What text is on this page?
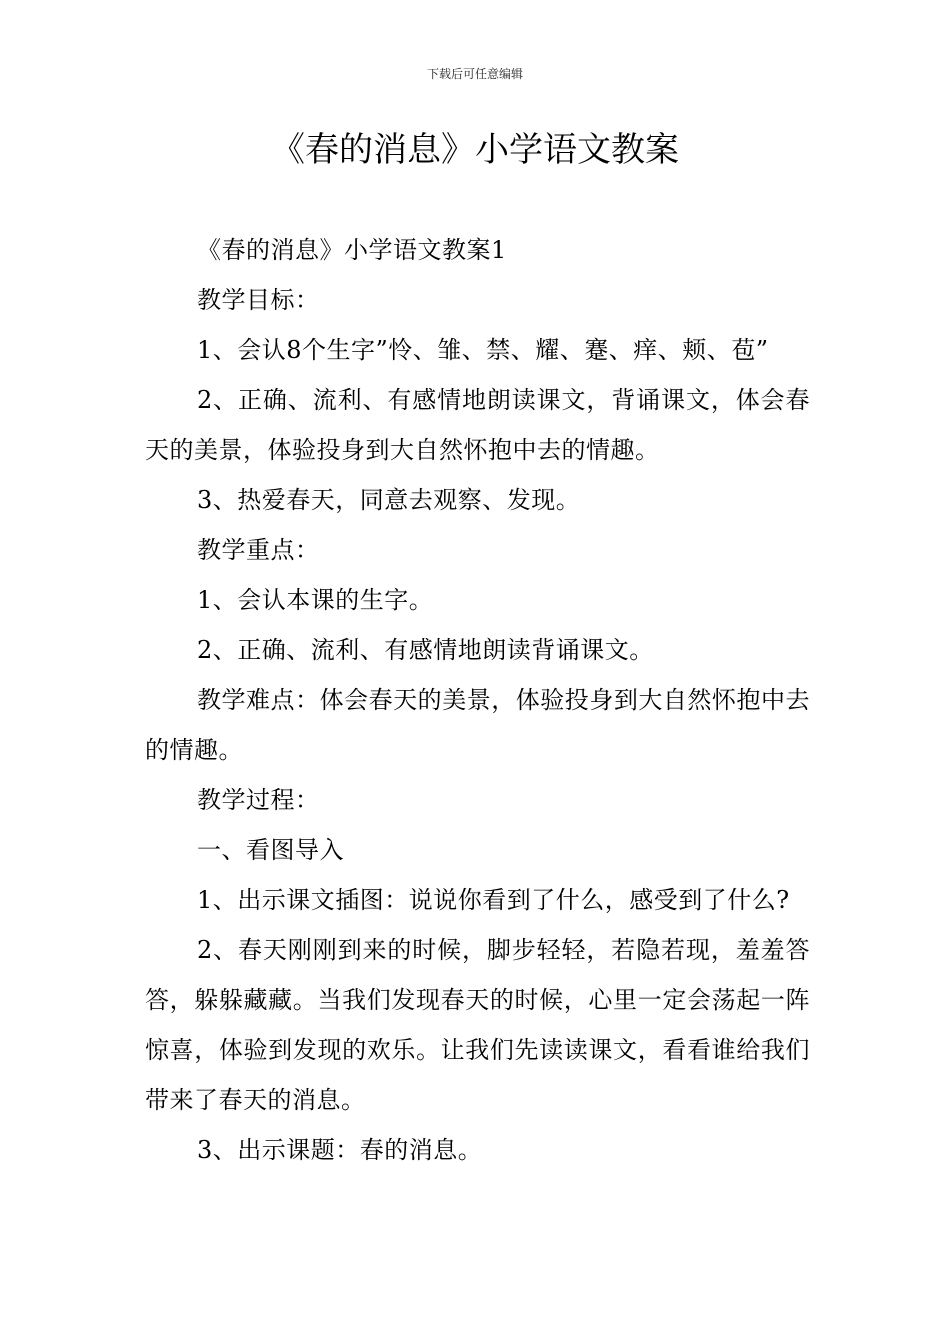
下载后可任意编辑
《春的消息》小学语文教案

《春的消息》小学语文教案1

教学目标：

1、会认8个生字”怜、雏、禁、耀、蹇、痒、颊、苞”

2、正确、流利、有感情地朗读课文，背诵课文，体会春天的美景，体验投身到大自然怀抱中去的情趣。

3、热爱春天，同意去观察、发现。

教学重点：

1、会认本课的生字。

2、正确、流利、有感情地朗读背诵课文。

教学难点：体会春天的美景，体验投身到大自然怀抱中去的情趣。

教学过程：

一、看图导入

1、出示课文插图：说说你看到了什么，感受到了什么?

2、春天刚刚到来的时候，脚步轻轻，若隐若现，羞羞答答，躲躲藏藏。当我们发现春天的时候，心里一定会荡起一阵惊喜，体验到发现的欢乐。让我们先读读课文，看看谁给我们带来了春天的消息。

3、出示课题：春的消息。
